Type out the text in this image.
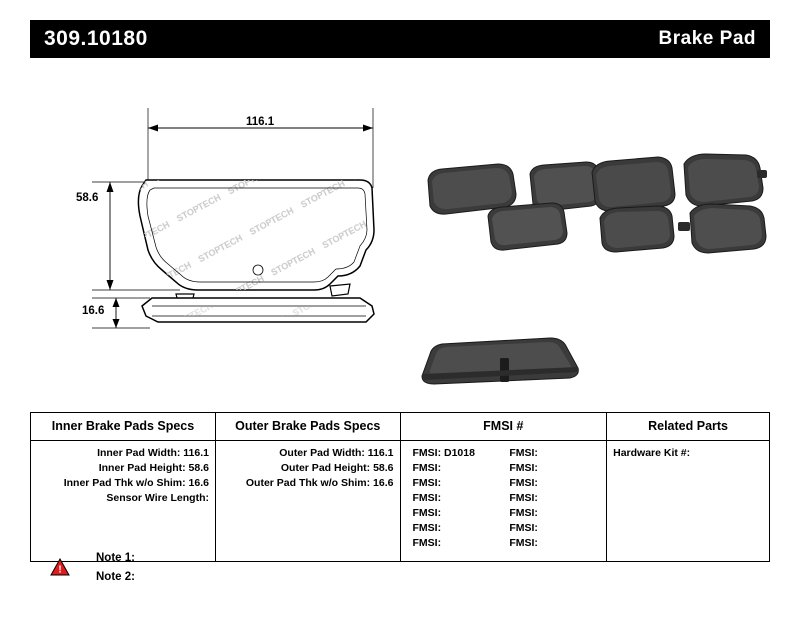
309.10180	Brake Pad
116.1
58.6
16.6
Inner Brake Pads Specs	Outer Brake Pads Specs	FMSI #	Related Parts

Inner Pad Width: 116.1
Inner Pad Height: 58.6
Inner Pad Thk w/o Shim: 16.6
Sensor Wire Length:

Outer Pad Width: 116.1
Outer Pad Height: 58.6
Outer Pad Thk w/o Shim: 16.6

FMSI: D1018
FMSI:
FMSI:
FMSI:
FMSI:
FMSI:
FMSI:
FMSI:
FMSI:
FMSI:
FMSI:
FMSI:
FMSI:
FMSI:

Hardware Kit #:
!
Note 1:
Note 2:
